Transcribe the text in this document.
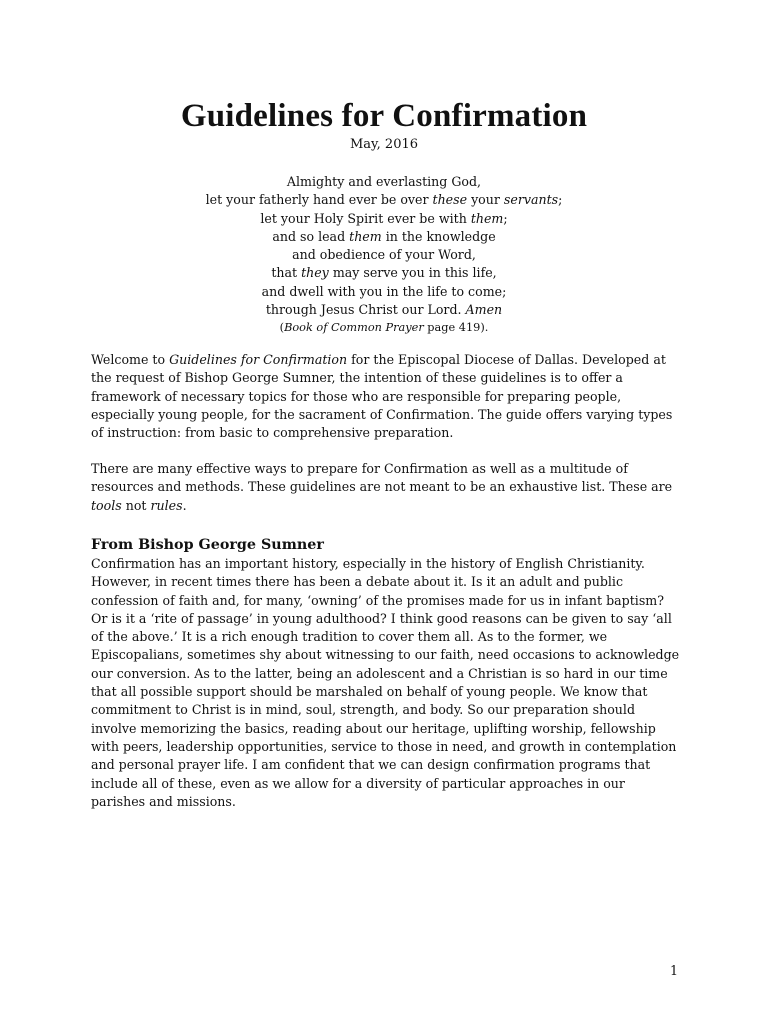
Guidelines for Confirmation
May, 2016
Almighty and everlasting God,
let your fatherly hand ever be over these your servants;
let your Holy Spirit ever be with them;
and so lead them in the knowledge
and obedience of your Word,
that they may serve you in this life,
and dwell with you in the life to come;
through Jesus Christ our Lord. Amen
(Book of Common Prayer page 419).
Welcome to Guidelines for Confirmation for the Episcopal Diocese of Dallas. Developed at
the request of Bishop George Sumner, the intention of these guidelines is to offer a
framework of necessary topics for those who are responsible for preparing people,
especially young people, for the sacrament of Confirmation. The guide offers varying types
of instruction: from basic to comprehensive preparation.
There are many effective ways to prepare for Confirmation as well as a multitude of
resources and methods. These guidelines are not meant to be an exhaustive list. These are
tools not rules.
From Bishop George Sumner
Confirmation has an important history, especially in the history of English Christianity.
However, in recent times there has been a debate about it. Is it an adult and public
confession of faith and, for many, ‘owning’ of the promises made for us in infant baptism?
Or is it a ‘rite of passage’ in young adulthood? I think good reasons can be given to say ‘all
of the above.’ It is a rich enough tradition to cover them all. As to the former, we
Episcopalians, sometimes shy about witnessing to our faith, need occasions to acknowledge
our conversion. As to the latter, being an adolescent and a Christian is so hard in our time
that all possible support should be marshaled on behalf of young people. We know that
commitment to Christ is in mind, soul, strength, and body. So our preparation should
involve memorizing the basics, reading about our heritage, uplifting worship, fellowship
with peers, leadership opportunities, service to those in need, and growth in contemplation
and personal prayer life. I am confident that we can design confirmation programs that
include all of these, even as we allow for a diversity of particular approaches in our
parishes and missions.
1
